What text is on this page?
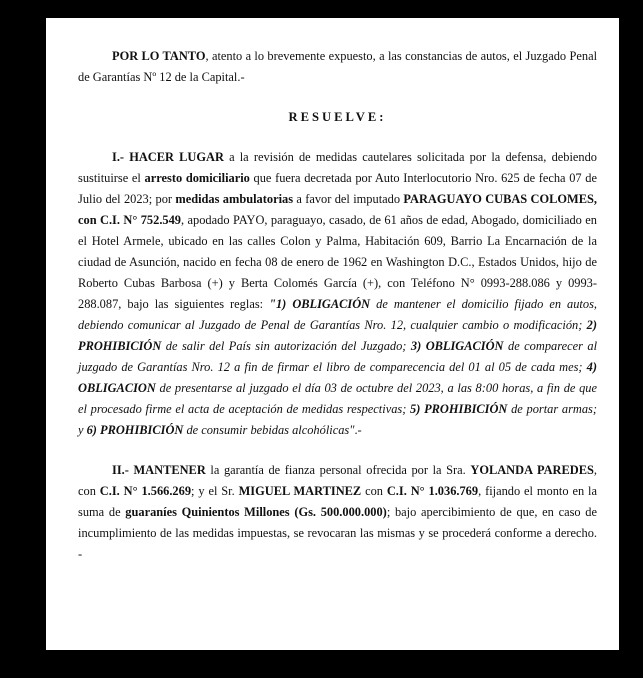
POR LO TANTO, atento a lo brevemente expuesto, a las constancias de autos, el Juzgado Penal de Garantías Nº 12 de la Capital.-

RESUELVE:

I.- HACER LUGAR a la revisión de medidas cautelares solicitada por la defensa, debiendo sustituirse el arresto domiciliario que fuera decretada por Auto Interlocutorio Nro. 625 de fecha 07 de Julio del 2023; por medidas ambulatorias a favor del imputado PARAGUAYO CUBAS COLOMES, con C.I. N° 752.549, apodado PAYO, paraguayo, casado, de 61 años de edad, Abogado, domiciliado en el Hotel Armele, ubicado en las calles Colon y Palma, Habitación 609, Barrio La Encarnación de la ciudad de Asunción, nacido en fecha 08 de enero de 1962 en Washington D.C., Estados Unidos, hijo de Roberto Cubas Barbosa (+) y Berta Colomés García (+), con Teléfono N° 0993-288.086 y 0993-288.087, bajo las siguientes reglas: "1) OBLIGACIÓN de mantener el domicilio fijado en autos, debiendo comunicar al Juzgado de Penal de Garantías Nro. 12, cualquier cambio o modificación; 2) PROHIBICIÓN de salir del País sin autorización del Juzgado; 3) OBLIGACIÓN de comparecer al juzgado de Garantías Nro. 12 a fin de firmar el libro de comparecencia del 01 al 05 de cada mes; 4) OBLIGACION de presentarse al juzgado el día 03 de octubre del 2023, a las 8:00 horas, a fin de que el procesado firme el acta de aceptación de medidas respectivas; 5) PROHIBICIÓN de portar armas; y 6) PROHIBICIÓN de consumir bebidas alcohólicas".-

II.- MANTENER la garantía de fianza personal ofrecida por la Sra. YOLANDA PAREDES, con C.I. N° 1.566.269; y el Sr. MIGUEL MARTINEZ con C.I. N° 1.036.769, fijando el monto en la suma de guaraníes Quinientos Millones (Gs. 500.000.000); bajo apercibimiento de que, en caso de incumplimiento de las medidas impuestas, se revocaran las mismas y se procederá conforme a derecho. -
